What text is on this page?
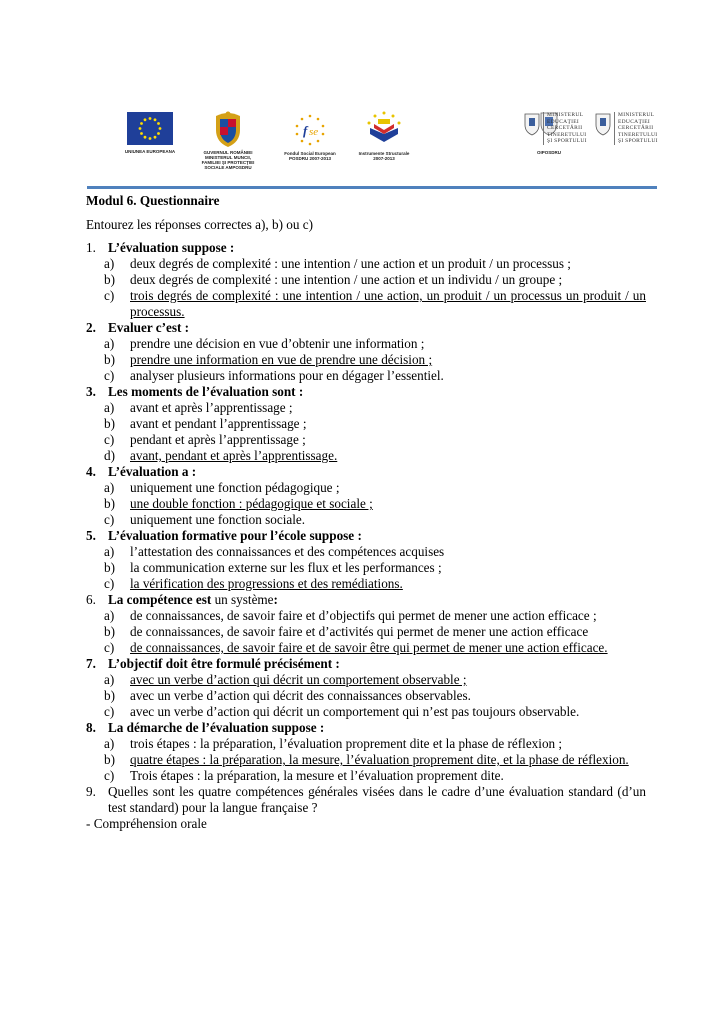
UNIUNEA EUROPEANA	GUVERNUL ROMÂNIEI MINISTERUL MUNCII, FAMILIEI ŞI PROTECŢIEI SOCIALE AMPOSDRU
f se
Fondul Social European POSDRU 2007-2013
Instrumente Structurale 2007-2013
OIPOSDRU
MINISTERUL EDUCAŢIEI CERCETĂRII TINERETULUI ŞI SPORTULUI
MINISTERUL EDUCAŢIEI CERCETĂRII TINERETULUI ŞI SPORTULUI
Modul 6. Questionnaire
Entourez les réponses correctes a), b) ou c)
1. L’évaluation suppose :
a) deux degrés de complexité : une intention / une action et un produit / un processus ;
b) deux degrés de complexité : une intention / une action et un individu / un groupe ;
c) trois degrés de complexité : une intention / une action, un produit / un processus un produit / un processus.
2. Evaluer c’est :
a) prendre une décision en vue d’obtenir une information ;
b) prendre une information en vue de prendre une décision ;
c) analyser plusieurs informations pour en dégager l’essentiel.
3. Les moments de l’évaluation sont :
a) avant et après l’apprentissage ;
b) avant et pendant l’apprentissage ;
c) pendant et après l’apprentissage ;
d) avant, pendant et après l’apprentissage.
4. L’évaluation a :
a) uniquement une fonction pédagogique ;
b) une double fonction : pédagogique et sociale ;
c) uniquement une fonction sociale.
5. L’évaluation formative pour l’école suppose :
a) l’attestation des connaissances et des compétences acquises
b) la communication externe sur les flux et les performances ;
c) la vérification des progressions et des remédiations.
6. La compétence est un système:
a) de connaissances, de savoir faire et d’objectifs qui permet de mener une action efficace ;
b) de connaissances, de savoir faire et d’activités qui permet de mener une action efficace
c) de connaissances, de savoir faire et de savoir être qui permet de mener une action efficace.
7. L’objectif doit être formulé précisément :
a) avec un verbe d’action qui décrit un comportement observable ;
b) avec un verbe d’action qui décrit des connaissances observables.
c) avec un verbe d’action qui décrit un comportement qui n’est pas toujours observable.
8. La démarche de l’évaluation suppose :
a) trois étapes : la préparation, l’évaluation proprement dite et la phase de réflexion ;
b) quatre étapes : la préparation, la mesure, l’évaluation proprement dite, et la phase de réflexion.
c) Trois étapes : la préparation, la mesure et l’évaluation proprement dite.
9. Quelles sont les quatre compétences générales visées dans le cadre d’une évaluation standard (d’un test standard) pour la langue française ?
- Compréhension orale
